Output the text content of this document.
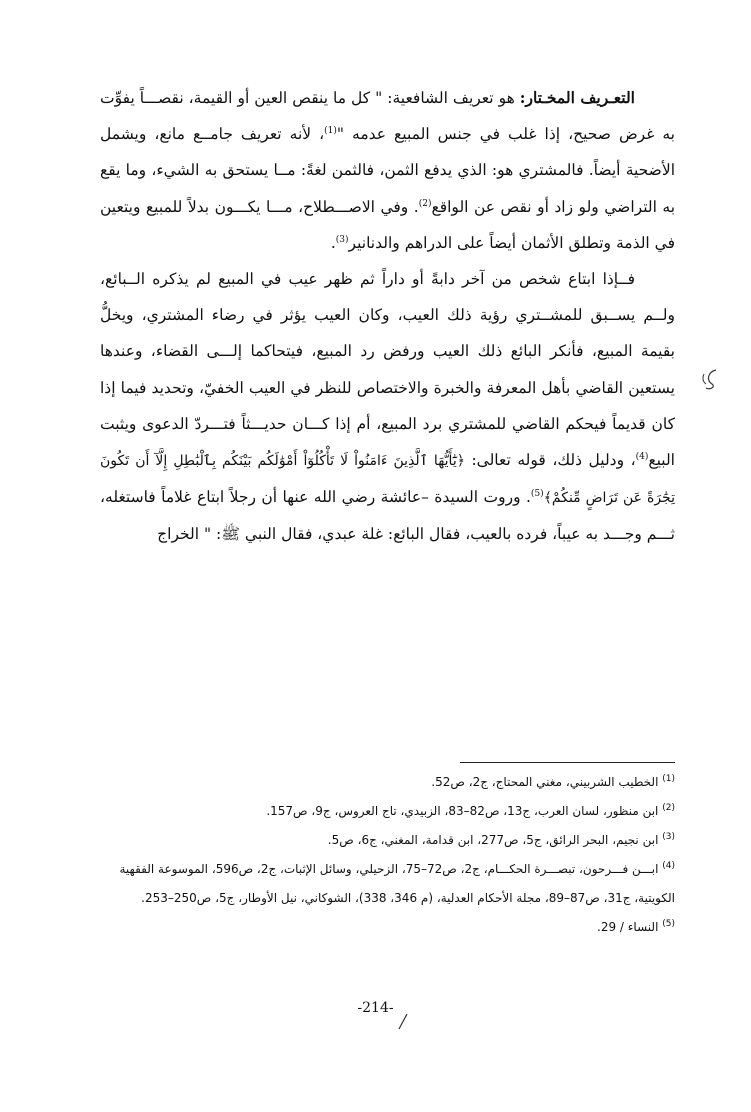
التعـريف المخـتار: هو تعريف الشافعية: " كل ما ينقص العين أو القيمة، نقصـــاً يفوِّت به غرض صحيح، إذا غلب في جنس المبيع عدمه "$^{(1)}$، لأنه تعريف جامــع مانع، ويشمل الأضحية أيضاً. فالمشتري هو: الذي يدفع الثمن، فالثمن لغةً: مــا يستحق به الشيء، وما يقع به التراضي ولو زاد أو نقص عن الواقع$^{(2)}$. وفي الاصـــطلاح، مـــا يكـــون بدلاً للمبيع ويتعين في الذمة وتطلق الأثمان أيضاً على الدراهم والدنانير$^{(3)}$.

فــإذا ابتاع شخص من آخر دابةً أو داراً ثم ظهر عيب في المبيع لم يذكره الــبائع، ولــم يســبق للمشــتري رؤية ذلك العيب، وكان العيب يؤثر في رضاء المشتري، ويخلُّ بقيمة المبيع، فأنكر البائع ذلك العيب ورفض رد المبيع، فيتحاكما إلـــى القضاء، وعندها يستعين القاضي بأهل المعرفة والخبرة والاختصاص للنظر في العيب الخفيّ، وتحديد فيما إذا كان قديماً فيحكم القاضي للمشتري برد المبيع، أم إذا كـــان حديـــثاً فتـــردّ الدعوى ويثبت البيع$^{(4)}$، ودليل ذلك، قوله تعالى: ﴿يَٰٓأَيُّهَا ٱلَّذِينَ ءَامَنُواْ لَا تَأْكُلُوٓاْ أَمْوَٰلَكُم بَيْنَكُم بِٱلْبَٰطِلِ إِلَّآ أَن تَكُونَ تِجَٰرَةً عَن تَرَاضٍ مِّنكُمْ﴾$^{(5)}$. وروت السيدة –عائشة رضي الله عنها أن رجلاً ابتاع غلاماً فاستغله، ثـــم وجـــد به عيباً، فرده بالعيب، فقال البائع: غلة عبدي، فقال النبي ﷺ: " الخراج

$^{(1)}$ الخطيب الشربيني، مغني المحتاج، ج2، ص52.

$^{(2)}$ ابن منظور، لسان العرب، ج13، ص82–83، الزبيدي، تاج العروس، ج9، ص157.

$^{(3)}$ ابن نجيم، البحر الرائق، ج5، ص277، ابن قدامة، المغني، ج6، ص5.

$^{(4)}$ ابـــن فـــرحون، تبصـــرة الحكـــام، ج2، ص72–75، الزحيلي، وسائل الإثبات، ج2، ص596، الموسوعة الفقهية الكويتية، ج31، ص87–89، مجلة الأحكام العدلية، (م 346، 338)، الشوكاني، نيل الأوطار، ج5، ص250–253.

$^{(5)}$ النساء / 29.

-214-
